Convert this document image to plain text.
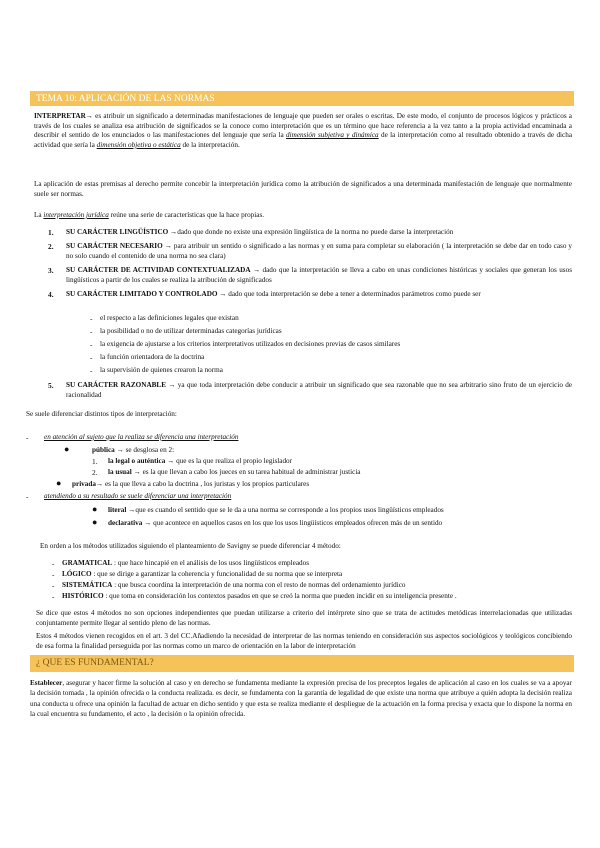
TEMA 10: APLICACIÓN DE LAS NORMAS
INTERPRETAR→ es atribuir un significado a determinadas manifestaciones de lenguaje que pueden ser orales o escritas. De este modo, el conjunto de procesos lógicos y prácticos a través de los cuales se analiza esa atribución de significados se la conoce como interpretación que es un término que hace referencia a la vez tanto a la propia actividad encaminada a describir el sentido de los enunciados o las manifestaciones del lenguaje que sería la dimensión subjetiva y dinámica de la interpretación como al resultado obtenido a través de dicha actividad que sería la dimensión objetiva o estática de la interpretación.
La aplicación de estas premisas al derecho permite concebir la interpretación jurídica como la atribución de significados a una determinada manifestación de lenguaje que normalmente suele ser normas.
La interpretación jurídica reúne una serie de características que la hace propias.
1. SU CARÁCTER LINGÜÍSTICO →dado que donde no existe una expresión lingüística de la norma no puede darse la interpretación
2. SU CARÁCTER NECESARIO → para atribuir un sentido o significado a las normas y en suma para completar su elaboración ( la interpretación se debe dar en todo caso y no solo cuando el contenido de una norma no sea clara)
3. SU CARÁCTER DE ACTIVIDAD CONTEXTUALIZADA → dado que la interpretación se lleva a cabo en unas condiciones históricas y sociales que generan los usos lingüísticos a partir de los cuales se realiza la atribución de significados
4. SU CARÁCTER LIMITADO Y CONTROLADO → dado que toda interpretación se debe a tener a determinados parámetros como puede ser
- el respecto a las definiciones legales que existan
- la posibilidad o no de utilizar determinadas categorías jurídicas
- la exigencia de ajustarse a los criterios interpretativos utilizados en decisiones previas de casos similares
- la función orientadora de la doctrina
- la supervisión de quienes crearon la norma
5. SU CARÁCTER RAZONABLE → ya que toda interpretación debe conducir a atribuir un significado que sea razonable que no sea arbitrario sino fruto de un ejercicio de racionalidad
Se suele diferenciar distintos tipos de interpretación:
- en atención al sujeto que la realiza se diferencia una interpretación
●	pública → se desglosa en 2:
1. la legal o auténtica → que es la que realiza el propio legislador
2. la usual → es la que llevan a cabo los jueces en su tarea habitual de administrar justicia
● privada→ es la que lleva a cabo la doctrina , los juristas y los propios particulares
- atendiendo a su resultado se suele diferenciar una interpretación
● literal →que es cuando el sentido que se le da a una norma se corresponde a los propios usos lingüísticos empleados
● declarativa → que acontece en aquellos casos en los que los usos lingüísticos empleados ofrecen más de un sentido
En orden a los métodos utilizados siguiendo el planteamiento de Savigny se puede diferenciar 4 método:
- GRAMATICAL : que hace hincapié en el análisis de los usos lingüísticos empleados
- LÓGICO : que se dirige a garantizar la coherencia y funcionalidad de su norma que se interpreta
- SISTEMÁTICA : que busca coordina la interpretación de una norma con el resto de normas del ordenamiento jurídico
- HISTÓRICO : que toma en consideración los contextos pasados en que se creó la norma que pueden incidir en su inteligencia presente .
Se dice que estos 4 métodos no son opciones independientes que puedan utilizarse a criterio del intérprete sino que se trata de actitudes metódicas interrelacionadas que utilizadas conjuntamente permite llegar al sentido pleno de las normas.
Estos 4 métodos vienen recogidos en el art. 3 del CC.Añadiendo la necesidad de interpretar de las normas teniendo en consideración sus aspectos sociológicos y teológicos concibiendo de esa forma la finalidad perseguida por las normas como un marco de orientación en la labor de interpretación
¿ QUE ES FUNDAMENTAL?
Establecer, asegurar y hacer firme la solución al caso y en derecho se fundamenta mediante la expresión precisa de los preceptos legales de aplicación al caso en los cuales se va a apoyar la decisión tomada , la opinión ofrecida o la conducta realizada. es decir, se fundamenta con la garantía de legalidad de que existe una norma que atribuye a quién adopta la decisión realiza una conducta u ofrece una opinión la facultad de actuar en dicho sentido y que esta se realiza mediante el despliegue de la actuación en la forma precisa y exacta que lo dispone la norma en la cual encuentra su fundamento, el acto , la decisión o la opinión ofrecida.
